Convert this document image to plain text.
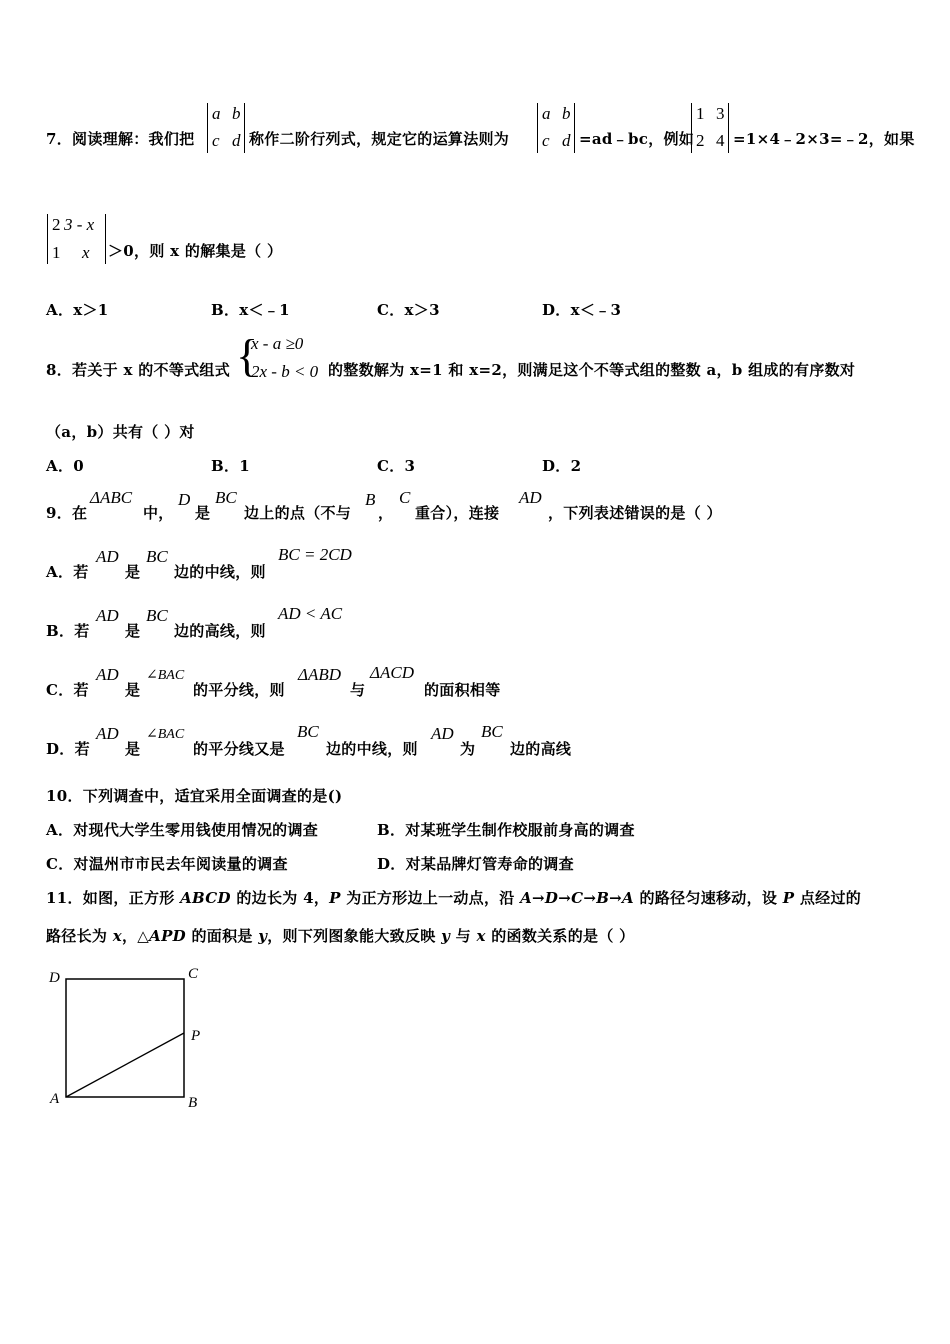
7．阅读理解：我们把
a b
c d 称作二阶行列式，规定它的运算法则为
a b
c d =ad﹣bc，例如
1 3
2 4 =1×4﹣2×3=﹣2，如果
2 3 - x
1 x ＞0，则 x 的解集是（ ）
A．x＞1	B．x＜﹣1	C．x＞3	D．x＜﹣3
8．若关于 x 的不等式组式 {
x - a ≥0
2x - b < 0 的整数解为 x=1 和 x=2，则满足这个不等式组的整数 a，b 组成的有序数对
（a，b）共有（ ）对
A．0	B．1	C．3	D．2
9．在
ΔABC
中，
D
是
BC
边上的点（不与
B
，
C
重合），连接
AD
，下列表述错误的是（ ）
A．若
AD
是
BC
边的中线，则
BC = 2CD
B．若
AD
是
BC
边的高线，则
AD < AC
C．若
AD
是
∠BAC
的平分线，则
ΔABD
与
ΔACD
的面积相等
D．若
AD
是
∠BAC
的平分线又是
BC
边的中线，则
AD
为
BC
边的高线
10．下列调查中，适宜采用全面调查的是()
A．对现代大学生零用钱使用情况的调查	B．对某班学生制作校服前身高的调查
C．对温州市市民去年阅读量的调查	D．对某品牌灯管寿命的调查
11．如图，正方形 ABCD 的边长为 4，P 为正方形边上一动点，沿 A→D→C→B→A 的路径匀速移动，设 P 点经过的
路径长为 x，△APD 的面积是 y，则下列图象能大致反映 y 与 x 的函数关系的是（ ）
D	C
P
A	B
